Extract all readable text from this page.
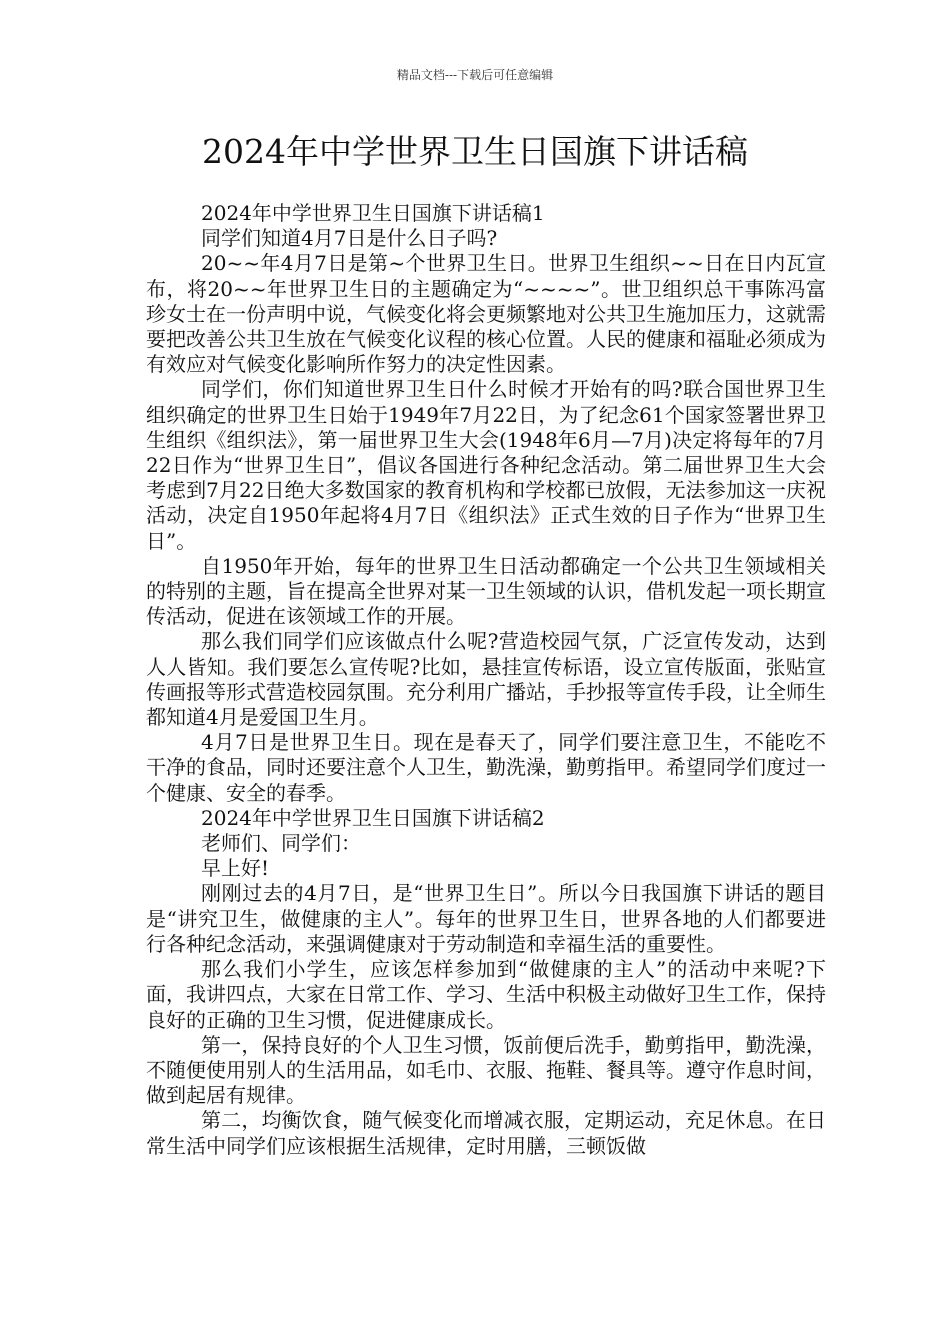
精品文档---下载后可任意编辑
2024年中学世界卫生日国旗下讲话稿

2024年中学世界卫生日国旗下讲话稿1

同学们知道4月7日是什么日子吗?

20~~年4月7日是第~个世界卫生日。世界卫生组织~~日在日内瓦宣布，将20~~年世界卫生日的主题确定为“~~~~”。世卫组织总干事陈冯富珍女士在一份声明中说，气候变化将会更频繁地对公共卫生施加压力，这就需要把改善公共卫生放在气候变化议程的核心位置。人民的健康和福耻必须成为有效应对气候变化影响所作努力的决定性因素。

同学们，你们知道世界卫生日什么时候才开始有的吗?联合国世界卫生组织确定的世界卫生日始于1949年7月22日，为了纪念61个国家签署世界卫生组织《组织法》，第一届世界卫生大会(1948年6月—7月)决定将每年的7月22日作为“世界卫生日”，倡议各国进行各种纪念活动。第二届世界卫生大会考虑到7月22日绝大多数国家的教育机构和学校都已放假，无法参加这一庆祝活动，决定自1950年起将4月7日《组织法》正式生效的日子作为“世界卫生日”。

自1950年开始，每年的世界卫生日活动都确定一个公共卫生领域相关的特别的主题，旨在提高全世界对某一卫生领域的认识，借机发起一项长期宣传活动，促进在该领域工作的开展。

那么我们同学们应该做点什么呢?营造校园气氛，广泛宣传发动，达到人人皆知。我们要怎么宣传呢?比如，悬挂宣传标语，设立宣传版面，张贴宣传画报等形式营造校园氛围。充分利用广播站，手抄报等宣传手段，让全师生都知道4月是爱国卫生月。

4月7日是世界卫生日。现在是春天了，同学们要注意卫生，不能吃不干净的食品，同时还要注意个人卫生，勤洗澡，勤剪指甲。希望同学们度过一个健康、安全的春季。

2024年中学世界卫生日国旗下讲话稿2

老师们、同学们：

早上好!

刚刚过去的4月7日，是“世界卫生日”。所以今日我国旗下讲话的题目是“讲究卫生，做健康的主人”。每年的世界卫生日，世界各地的人们都要进行各种纪念活动，来强调健康对于劳动制造和幸福生活的重要性。

那么我们小学生，应该怎样参加到“做健康的主人”的活动中来呢?下面，我讲四点，大家在日常工作、学习、生活中积极主动做好卫生工作，保持良好的正确的卫生习惯，促进健康成长。

第一，保持良好的个人卫生习惯，饭前便后洗手，勤剪指甲，勤洗澡，不随便使用别人的生活用品，如毛巾、衣服、拖鞋、餐具等。遵守作息时间，做到起居有规律。

第二，均衡饮食，随气候变化而增减衣服，定期运动，充足休息。在日常生活中同学们应该根据生活规律，定时用膳，三顿饭做
